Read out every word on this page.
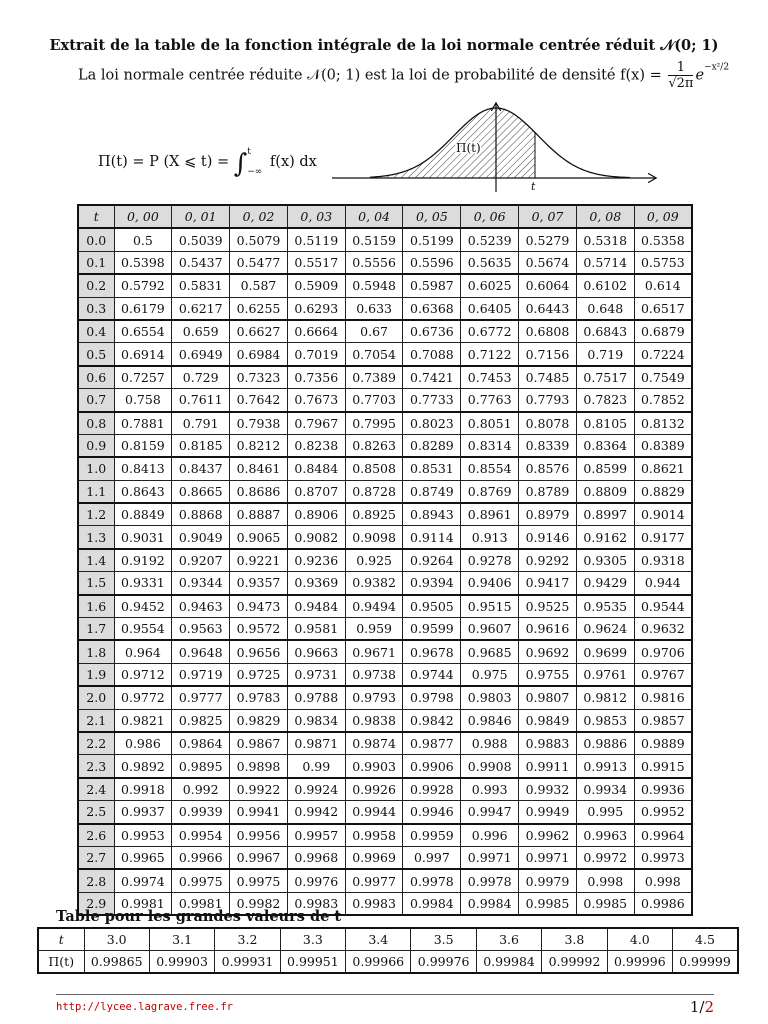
Extrait de la table de la fonction intégrale de la loi normale centrée réduit 𝒩(0; 1)
La loi normale centrée réduite 𝒩(0; 1) est la loi de probabilité de densité $f(x) = \frac{1}{√2\pi} e^{-x^2/2}$
Π(t) = P (X ⩽ t) = ∫ t
−∞
f(x) dx
Π(t)
t
t	0, 00	0, 01	0, 02	0, 03	0, 04	0, 05	0, 06	0, 07	0, 08	0, 09
0.0	0.5	0.5039	0.5079	0.5119	0.5159	0.5199	0.5239	0.5279	0.5318	0.5358
0.1	0.5398	0.5437	0.5477	0.5517	0.5556	0.5596	0.5635	0.5674	0.5714	0.5753
0.2	0.5792	0.5831	0.587	0.5909	0.5948	0.5987	0.6025	0.6064	0.6102	0.614
0.3	0.6179	0.6217	0.6255	0.6293	0.633	0.6368	0.6405	0.6443	0.648	0.6517
0.4	0.6554	0.659	0.6627	0.6664	0.67	0.6736	0.6772	0.6808	0.6843	0.6879
0.5	0.6914	0.6949	0.6984	0.7019	0.7054	0.7088	0.7122	0.7156	0.719	0.7224
0.6	0.7257	0.729	0.7323	0.7356	0.7389	0.7421	0.7453	0.7485	0.7517	0.7549
0.7	0.758	0.7611	0.7642	0.7673	0.7703	0.7733	0.7763	0.7793	0.7823	0.7852
0.8	0.7881	0.791	0.7938	0.7967	0.7995	0.8023	0.8051	0.8078	0.8105	0.8132
0.9	0.8159	0.8185	0.8212	0.8238	0.8263	0.8289	0.8314	0.8339	0.8364	0.8389
1.0	0.8413	0.8437	0.8461	0.8484	0.8508	0.8531	0.8554	0.8576	0.8599	0.8621
1.1	0.8643	0.8665	0.8686	0.8707	0.8728	0.8749	0.8769	0.8789	0.8809	0.8829
1.2	0.8849	0.8868	0.8887	0.8906	0.8925	0.8943	0.8961	0.8979	0.8997	0.9014
1.3	0.9031	0.9049	0.9065	0.9082	0.9098	0.9114	0.913	0.9146	0.9162	0.9177
1.4	0.9192	0.9207	0.9221	0.9236	0.925	0.9264	0.9278	0.9292	0.9305	0.9318
1.5	0.9331	0.9344	0.9357	0.9369	0.9382	0.9394	0.9406	0.9417	0.9429	0.944
1.6	0.9452	0.9463	0.9473	0.9484	0.9494	0.9505	0.9515	0.9525	0.9535	0.9544
1.7	0.9554	0.9563	0.9572	0.9581	0.959	0.9599	0.9607	0.9616	0.9624	0.9632
1.8	0.964	0.9648	0.9656	0.9663	0.9671	0.9678	0.9685	0.9692	0.9699	0.9706
1.9	0.9712	0.9719	0.9725	0.9731	0.9738	0.9744	0.975	0.9755	0.9761	0.9767
2.0	0.9772	0.9777	0.9783	0.9788	0.9793	0.9798	0.9803	0.9807	0.9812	0.9816
2.1	0.9821	0.9825	0.9829	0.9834	0.9838	0.9842	0.9846	0.9849	0.9853	0.9857
2.2	0.986	0.9864	0.9867	0.9871	0.9874	0.9877	0.988	0.9883	0.9886	0.9889
2.3	0.9892	0.9895	0.9898	0.99	0.9903	0.9906	0.9908	0.9911	0.9913	0.9915
2.4	0.9918	0.992	0.9922	0.9924	0.9926	0.9928	0.993	0.9932	0.9934	0.9936
2.5	0.9937	0.9939	0.9941	0.9942	0.9944	0.9946	0.9947	0.9949	0.995	0.9952
2.6	0.9953	0.9954	0.9956	0.9957	0.9958	0.9959	0.996	0.9962	0.9963	0.9964
2.7	0.9965	0.9966	0.9967	0.9968	0.9969	0.997	0.9971	0.9971	0.9972	0.9973
2.8	0.9974	0.9975	0.9975	0.9976	0.9977	0.9978	0.9978	0.9979	0.998	0.998
2.9	0.9981	0.9981	0.9982	0.9983	0.9983	0.9984	0.9984	0.9985	0.9985	0.9986
Table pour les grandes valeurs de t
t	3.0	3.1	3.2	3.3	3.4	3.5	3.6	3.8	4.0	4.5
Π(t)	0.99865	0.99903	0.99931	0.99951	0.99966	0.99976	0.99984	0.99992	0.99996	0.99999
http://lycee.lagrave.free.fr	1/2
